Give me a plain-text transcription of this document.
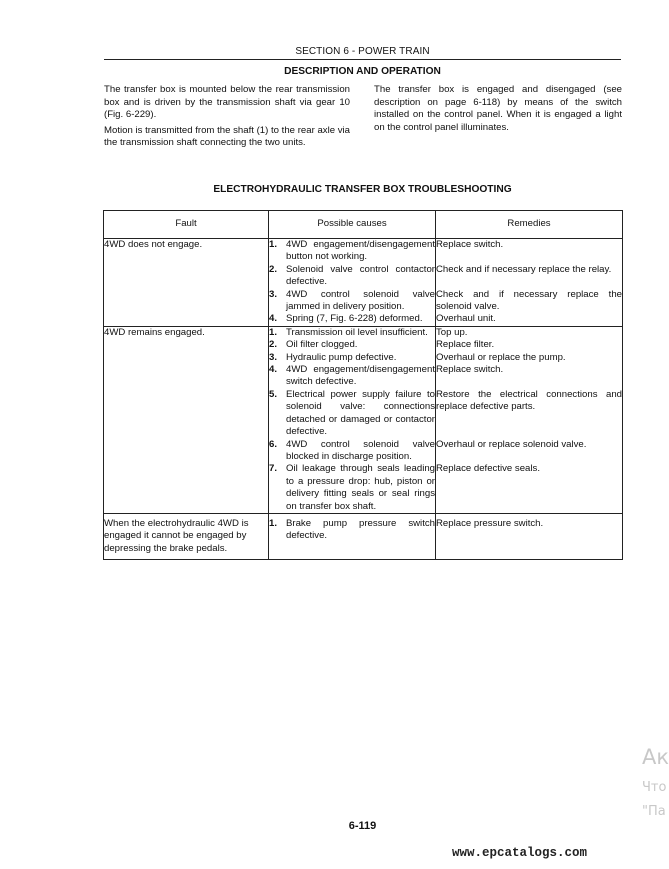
SECTION 6 - POWER TRAIN
DESCRIPTION AND OPERATION

The transfer box is mounted below the rear transmission box and is driven by the transmission shaft via gear 10 (Fig. 6-229).

Motion is transmitted from the shaft (1) to the rear axle via the transmission shaft connecting the two units.

The transfer box is engaged and disengaged (see description on page 6-118) by means of the switch installed on the control panel. When it is engaged a light on the control panel illuminates.

ELECTROHYDRAULIC TRANSFER BOX TROUBLESHOOTING
Fault	Possible causes	Remedies
4WD does not engage.	1. 4WD engagement/disengagement button not working.	Replace switch.

	2. Solenoid valve control contactor defective.	Check and if necessary replace the relay.

	3. 4WD control solenoid valve jammed in delivery position.	Check and if necessary replace the solenoid valve.

	4. Spring (7, Fig. 6-228) deformed.	Overhaul unit.
4WD remains engaged.	1. Transmission oil level insufficient.	Top up.

	2. Oil filter clogged.	Replace filter.

	3. Hydraulic pump defective.	Overhaul or replace the pump.

	4. 4WD engagement/disengagement switch defective.	Replace switch.

	5. Electrical power supply failure to solenoid valve: connections detached or damaged or contactor defective.	Restore the electrical connections and replace defective parts.

	6. 4WD control solenoid valve blocked in discharge position.	Overhaul or replace solenoid valve.

	7. Oil leakage through seals leading to a pressure drop: hub, piston or delivery fitting seals or seal rings on transfer box shaft.	Replace defective seals.
When the electrohydraulic 4WD is engaged it cannot be engaged by depressing the brake pedals.	1. Brake pump pressure switch defective.	Replace pressure switch.
6-119
www.epcatalogs.com
Ак
Что
"Па
